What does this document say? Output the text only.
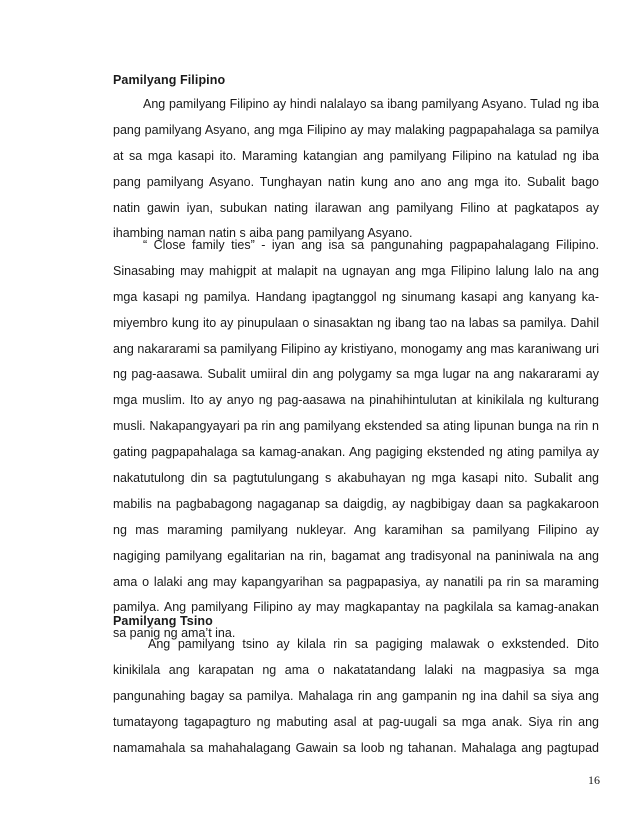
Pamilyang Filipino
Ang pamilyang Filipino ay hindi nalalayo sa ibang pamilyang Asyano. Tulad ng iba
pang pamilyang Asyano, ang mga Filipino ay may malaking pagpapahalaga sa pamilya
at sa mga kasapi ito. Maraming katangian ang pamilyang Filipino na katulad ng iba
pang pamilyang Asyano. Tunghayan natin kung ano ano ang mga ito. Subalit bago
natin gawin iyan, subukan nating ilarawan ang pamilyang Filino at pagkatapos ay
ihambing naman natin s aiba pang pamilyang Asyano.
“ Close family ties” - iyan ang isa sa pangunahing pagpapahalagang Filipino.
Sinasabing may mahigpit at malapit na ugnayan ang mga Filipino lalung lalo na ang
mga kasapi ng pamilya. Handang ipagtanggol ng sinumang kasapi ang kanyang ka-
miyembro kung ito ay pinupulaan o sinasaktan ng ibang tao na labas sa pamilya. Dahil
ang nakararami sa pamilyang Filipino ay kristiyano, monogamy ang mas karaniwang uri
ng pag-aasawa. Subalit umiiral din ang polygamy sa mga lugar na ang nakararami ay
mga muslim. Ito ay anyo ng pag-aasawa na pinahihintulutan at kinikilala ng kulturang
musli. Nakapangyayari pa rin ang pamilyang ekstended sa ating lipunan bunga na rin n
gating pagpapahalaga sa kamag-anakan. Ang pagiging ekstended ng ating pamilya ay
nakatutulong din sa pagtutulungang s akabuhayan ng mga kasapi nito. Subalit ang
mabilis na pagbabagong nagaganap sa daigdig, ay nagbibigay daan sa pagkakaroon
ng mas maraming pamilyang nukleyar. Ang karamihan sa pamilyang Filipino ay
nagiging pamilyang egalitarian na rin, bagamat ang tradisyonal na paniniwala na ang
ama o lalaki ang may kapangyarihan sa pagpapasiya, ay nanatili pa rin sa maraming
pamilya. Ang pamilyang Filipino ay may magkapantay na pagkilala sa kamag-anakan
sa panig ng ama’t ina.
Pamilyang Tsino
Ang pamilyang tsino ay kilala rin sa pagiging malawak o exkstended. Dito
kinikilala ang karapatan ng ama o nakatatandang lalaki na magpasiya sa mga
pangunahing bagay sa pamilya. Mahalaga rin ang gampanin ng ina dahil sa siya ang
tumatayong tagapagturo ng mabuting asal at pag-uugali sa mga anak. Siya rin ang
namamahala sa mahahalagang Gawain sa loob ng tahanan. Mahalaga ang pagtupad
16
